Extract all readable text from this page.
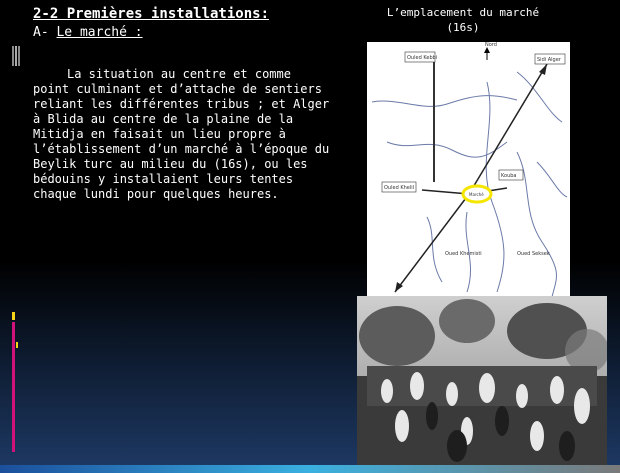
2-2 Premières installations:
A- Le marché :
La situation au centre et comme point culminant et d’attache de sentiers reliant les différentes tribus ; et Alger à Blida au centre de la plaine de la Mitidja en faisait un lieu propre à l’établissement d’un marché à l’époque du Beylik turc au milieu du (16s), ou les bédouins y installaient leurs tentes chaque lundi pour quelques heures.
L’emplacement du marché
(16s)
Nord
Ouled Kebbi	Sidi Alger
Ouled Khelil
Marché
Kouba
Oued Khemisti	Oued Seksek
